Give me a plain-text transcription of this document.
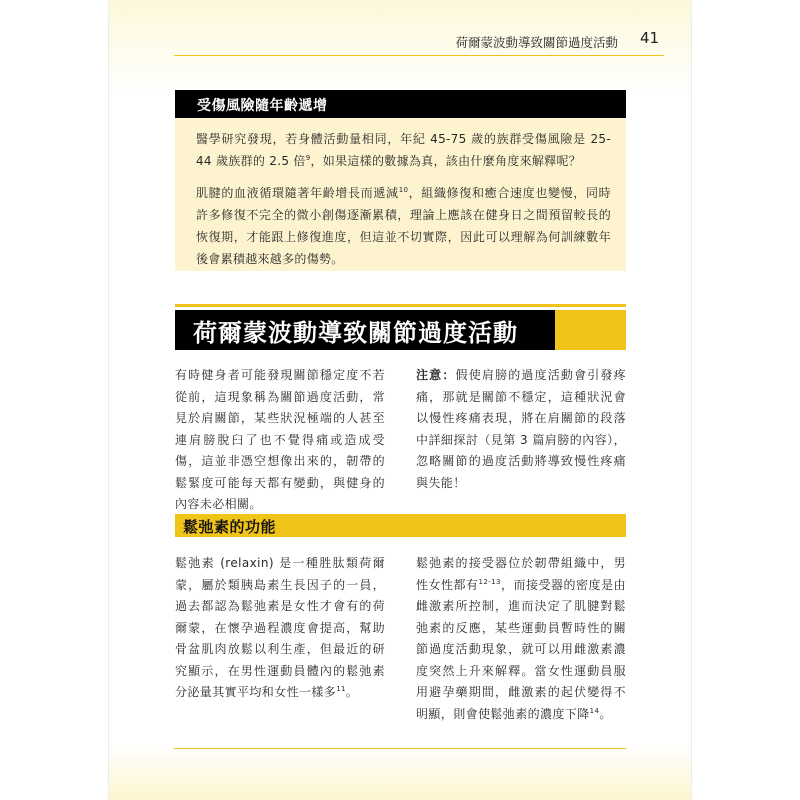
荷爾蒙波動導致關節過度活動 41
受傷風險隨年齡遞增
醫學研究發現，若身體活動量相同，年紀 45-75 歲的族群受傷風險是 25-44 歲族群的 2.5 倍$^9$，如果這樣的數據為真，該由什麼角度來解釋呢？
肌腱的血液循環隨著年齡增長而遞減$^{10}$，組織修復和癒合速度也變慢，同時許多修復不完全的微小創傷逐漸累積，理論上應該在健身日之間預留較長的恢復期，才能跟上修復進度，但這並不切實際，因此可以理解為何訓練數年後會累積越來越多的傷勢。
荷爾蒙波動導致關節過度活動
有時健身者可能發現關節穩定度不若從前，這現象稱為關節過度活動，常見於肩關節，某些狀況極端的人甚至連肩膀脫臼了也不覺得痛或造成受傷，這並非憑空想像出來的，韌帶的鬆緊度可能每天都有變動，與健身的內容未必相關。
注意：假使肩膀的過度活動會引發疼痛，那就是關節不穩定，這種狀況會以慢性疼痛表現，將在肩關節的段落中詳細探討（見第 3 篇肩膀的內容），忽略關節的過度活動將導致慢性疼痛與失能！
鬆弛素的功能
鬆弛素 (relaxin) 是一種胜肽類荷爾蒙，屬於類胰島素生長因子的一員，過去都認為鬆弛素是女性才會有的荷爾蒙，在懷孕過程濃度會提高，幫助骨盆肌肉放鬆以利生產，但最近的研究顯示，在男性運動員體內的鬆弛素分泌量其實平均和女性一樣多$^{11}$。
鬆弛素的接受器位於韌帶組織中，男性女性都有$^{12-13}$，而接受器的密度是由雌激素所控制，進而決定了肌腱對鬆弛素的反應，某些運動員暫時性的關節過度活動現象，就可以用雌激素濃度突然上升來解釋。當女性運動員服用避孕藥期間，雌激素的起伏變得不明顯，則會使鬆弛素的濃度下降$^{14}$。
